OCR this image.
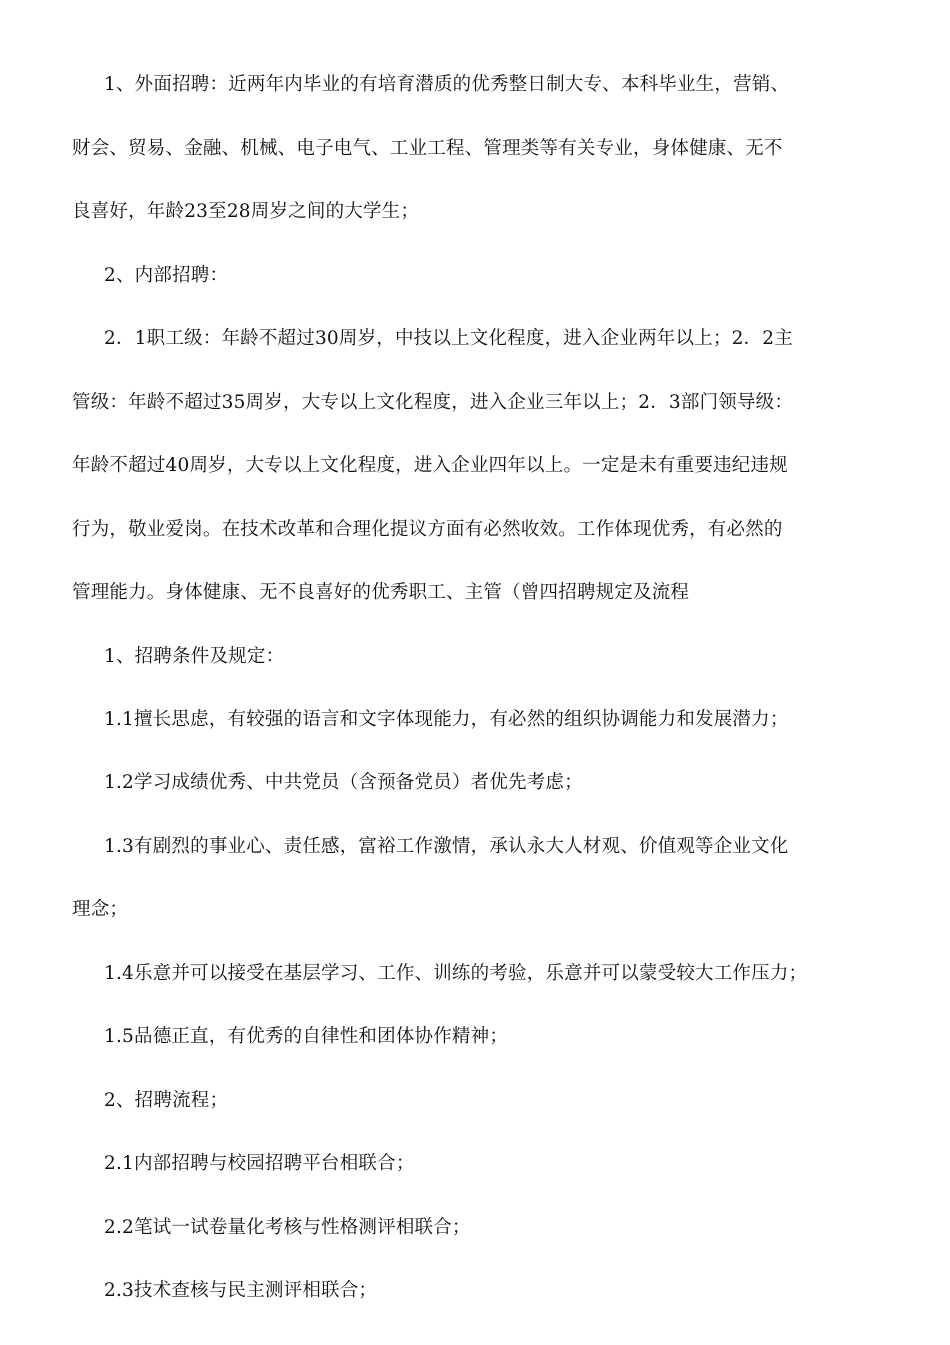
1、外面招聘：近两年内毕业的有培育潜质的优秀整日制大专、本科毕业生，营销、
财会、贸易、金融、机械、电子电气、工业工程、管理类等有关专业，身体健康、无不
良喜好，年龄23至28周岁之间的大学生；
2、内部招聘：
2．1职工级：年龄不超过30周岁，中技以上文化程度，进入企业两年以上；2．2主
管级：年龄不超过35周岁，大专以上文化程度，进入企业三年以上；2．3部门领导级：
年龄不超过40周岁，大专以上文化程度，进入企业四年以上。一定是未有重要违纪违规
行为，敬业爱岗。在技术改革和合理化提议方面有必然收效。工作体现优秀，有必然的
管理能力。身体健康、无不良喜好的优秀职工、主管（曾四招聘规定及流程
1、招聘条件及规定：
1.1擅长思虑，有较强的语言和文字体现能力，有必然的组织协调能力和发展潜力；
1.2学习成绩优秀、中共党员（含预备党员）者优先考虑；
1.3有剧烈的事业心、责任感，富裕工作激情，承认永大人材观、价值观等企业文化
理念；
1.4乐意并可以接受在基层学习、工作、训练的考验，乐意并可以蒙受较大工作压力；
1.5品德正直，有优秀的自律性和团体协作精神；
2、招聘流程；
2.1内部招聘与校园招聘平台相联合；
2.2笔试一试卷量化考核与性格测评相联合；
2.3技术查核与民主测评相联合；
